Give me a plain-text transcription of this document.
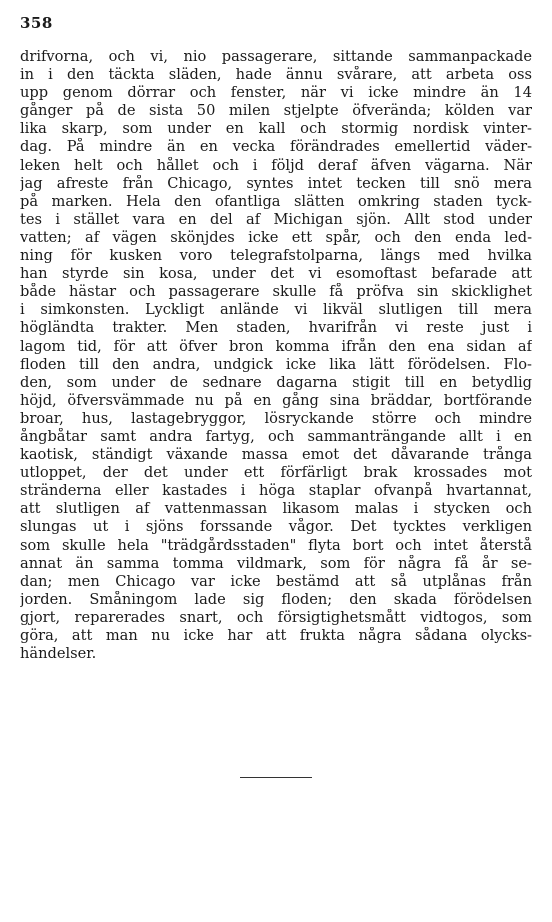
358
drifvorna, och vi, nio passagerare, sittande sammanpackade
in i den täckta släden, hade ännu svårare, att arbeta oss
upp genom dörrar och fenster, när vi icke mindre än 14
gånger på de sista 50 milen stjelpte öfverända; kölden var
lika skarp, som under en kall och stormig nordisk vinter-
dag. På mindre än en vecka förändrades emellertid väder-
leken helt och hållet och i följd deraf äfven vägarna. När
jag afreste från Chicago, syntes intet tecken till snö mera
på marken. Hela den ofantliga slätten omkring staden tyck-
tes i stället vara en del af Michigan sjön. Allt stod under
vatten; af vägen skönjdes icke ett spår, och den enda led-
ning för kusken voro telegrafstolparna, längs med hvilka
han styrde sin kosa, under det vi esomoftast befarade att
både hästar och passagerare skulle få pröfva sin skicklighet
i simkonsten. Lyckligt anlände vi likväl slutligen till mera
högländta trakter. Men staden, hvarifrån vi reste just i
lagom tid, för att öfver bron komma ifrån den ena sidan af
floden till den andra, undgick icke lika lätt förödelsen. Flo-
den, som under de sednare dagarna stigit till en betydlig
höjd, öfversvämmade nu på en gång sina bräddar, bortförande
broar, hus, lastagebryggor, lösryckande större och mindre
ångbåtar samt andra fartyg, och sammanträngande allt i en
kaotisk, ständigt växande massa emot det dåvarande trånga
utloppet, der det under ett förfärligt brak krossades mot
stränderna eller kastades i höga staplar ofvanpå hvartannat,
att slutligen af vattenmassan likasom malas i stycken och
slungas ut i sjöns forssande vågor. Det tycktes verkligen
som skulle hela "trädgårdsstaden" flyta bort och intet återstå
annat än samma tomma vildmark, som för några få år se-
dan; men Chicago var icke bestämd att så utplånas från
jorden. Småningom lade sig floden; den skada förödelsen
gjort, reparerades snart, och försigtighetsmått vidtogos, som
göra, att man nu icke har att frukta några sådana olycks-
händelser.
